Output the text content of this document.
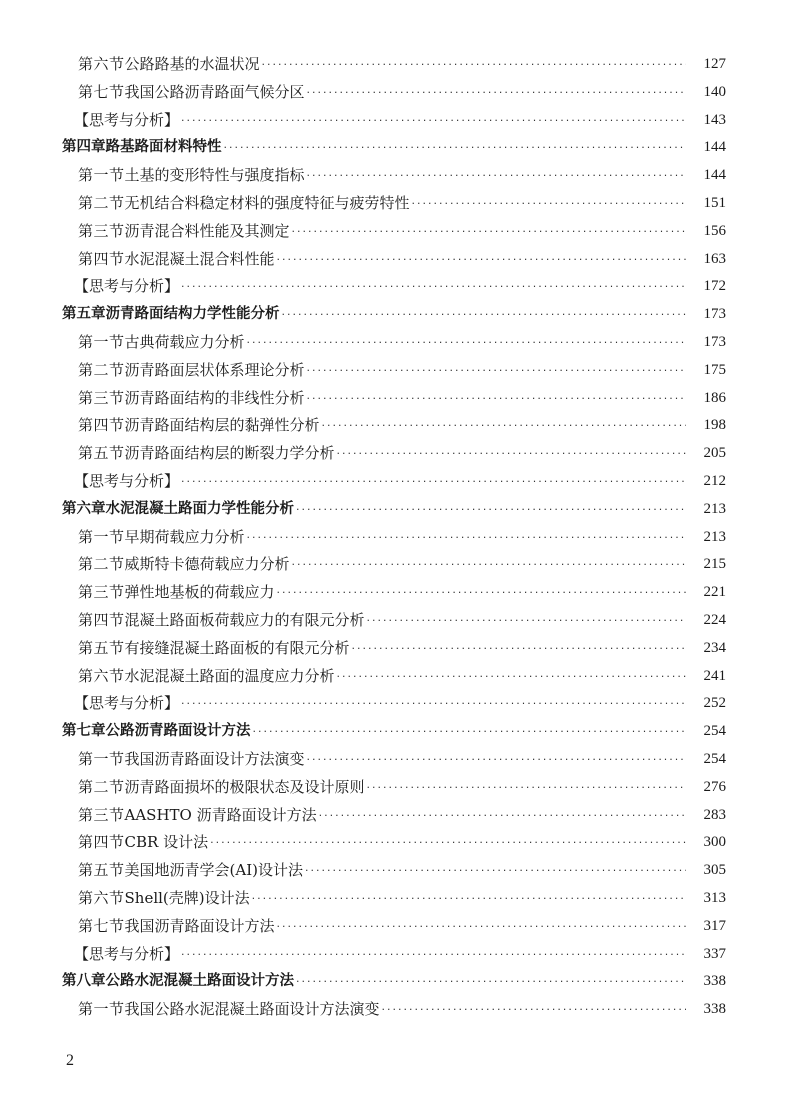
第六节 公路路基的水温状况 ·····	127
第七节 我国公路沥青路面气候分区 ·····	140
【思考与分析】 ·····	143
第四章 路基路面材料特性 ·····	144
第一节 土基的变形特性与强度指标 ·····	144
第二节 无机结合料稳定材料的强度特征与疲劳特性 ·····	151
第三节 沥青混合料性能及其测定 ·····	156
第四节 水泥混凝土混合料性能 ·····	163
【思考与分析】 ·····	172
第五章 沥青路面结构力学性能分析 ·····	173
第一节 古典荷载应力分析 ·····	173
第二节 沥青路面层状体系理论分析 ·····	175
第三节 沥青路面结构的非线性分析 ·····	186
第四节 沥青路面结构层的黏弹性分析 ·····	198
第五节 沥青路面结构层的断裂力学分析 ·····	205
【思考与分析】 ·····	212
第六章 水泥混凝土路面力学性能分析 ·····	213
第一节 早期荷载应力分析 ·····	213
第二节 威斯特卡德荷载应力分析 ·····	215
第三节 弹性地基板的荷载应力 ·····	221
第四节 混凝土路面板荷载应力的有限元分析 ·····	224
第五节 有接缝混凝土路面板的有限元分析 ·····	234
第六节 水泥混凝土路面的温度应力分析 ·····	241
【思考与分析】 ·····	252
第七章 公路沥青路面设计方法 ·····	254
第一节 我国沥青路面设计方法演变 ·····	254
第二节 沥青路面损坏的极限状态及设计原则 ·····	276
第三节 AASHTO 沥青路面设计方法 ·····	283
第四节 CBR 设计法 ·····	300
第五节 美国地沥青学会(AI)设计法 ·····	305
第六节 Shell(壳牌)设计法 ·····	313
第七节 我国沥青路面设计方法 ·····	317
【思考与分析】 ·····	337
第八章 公路水泥混凝土路面设计方法 ·····	338
第一节 我国公路水泥混凝土路面设计方法演变 ·····	338
2
